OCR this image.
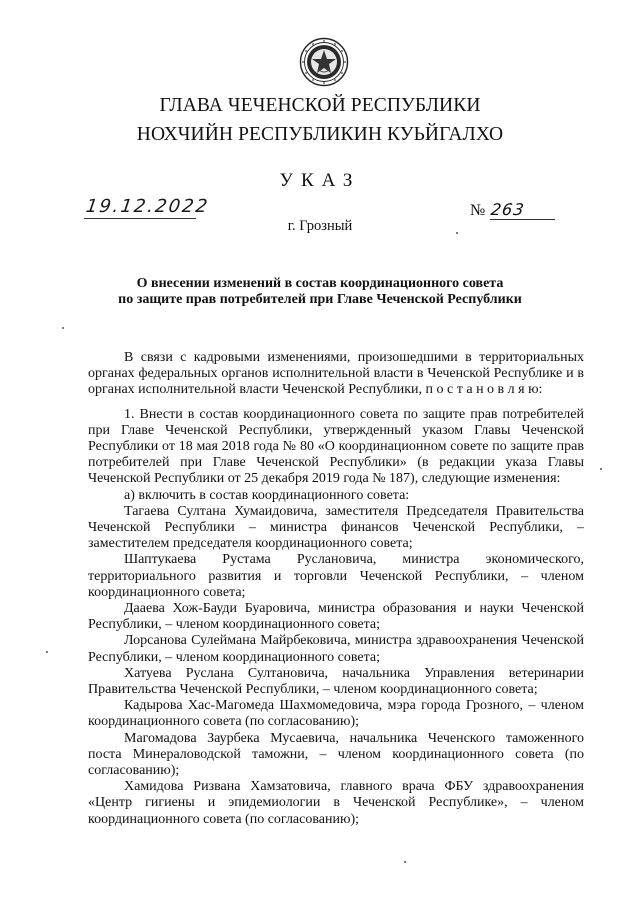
ГЛАВА ЧЕЧЕНСКОЙ РЕСПУБЛИКИ
НОХЧИЙН РЕСПУБЛИКИН КУЬЙГАЛХО
УКАЗ
19.12.2022	№ 263
г. Грозный
О внесении изменений в состав координационного совета
по защите прав потребителей при Главе Чеченской Республики

В связи с кадровыми изменениями, произошедшими в территориальных органах федеральных органов исполнительной власти в Чеченской Республике и в органах исполнительной власти Чеченской Республики, п о с т а н о в л я ю:

1. Внести в состав координационного совета по защите прав потребителей при Главе Чеченской Республики, утвержденный указом Главы Чеченской Республики от 18 мая 2018 года № 80 «О координационном совете по защите прав потребителей при Главе Чеченской Республики» (в редакции указа Главы Чеченской Республики от 25 декабря 2019 года № 187), следующие изменения:

а) включить в состав координационного совета:

Тагаева Султана Хумаидовича, заместителя Председателя Правительства Чеченской Республики – министра финансов Чеченской Республики, – заместителем председателя координационного совета;

Шаптукаева Рустама Руслановича, министра экономического, территориального развития и торговли Чеченской Республики, – членом координационного совета;

Дааева Хож-Бауди Буаровича, министра образования и науки Чеченской Республики, – членом координационного совета;

Лорсанова Сулеймана Майрбековича, министра здравоохранения Чеченской Республики, – членом координационного совета;

Хатуева Руслана Султановича, начальника Управления ветеринарии Правительства Чеченской Республики, – членом координационного совета;

Кадырова Хас-Магомеда Шахмомедовича, мэра города Грозного, – членом координационного совета (по согласованию);

Магомадова Заурбека Мусаевича, начальника Чеченского таможенного поста Минераловодской таможни, – членом координационного совета (по согласованию);

Хамидова Ризвана Хамзатовича, главного врача ФБУ здравоохранения «Центр гигиены и эпидемиологии в Чеченской Республике», – членом координационного совета (по согласованию);
